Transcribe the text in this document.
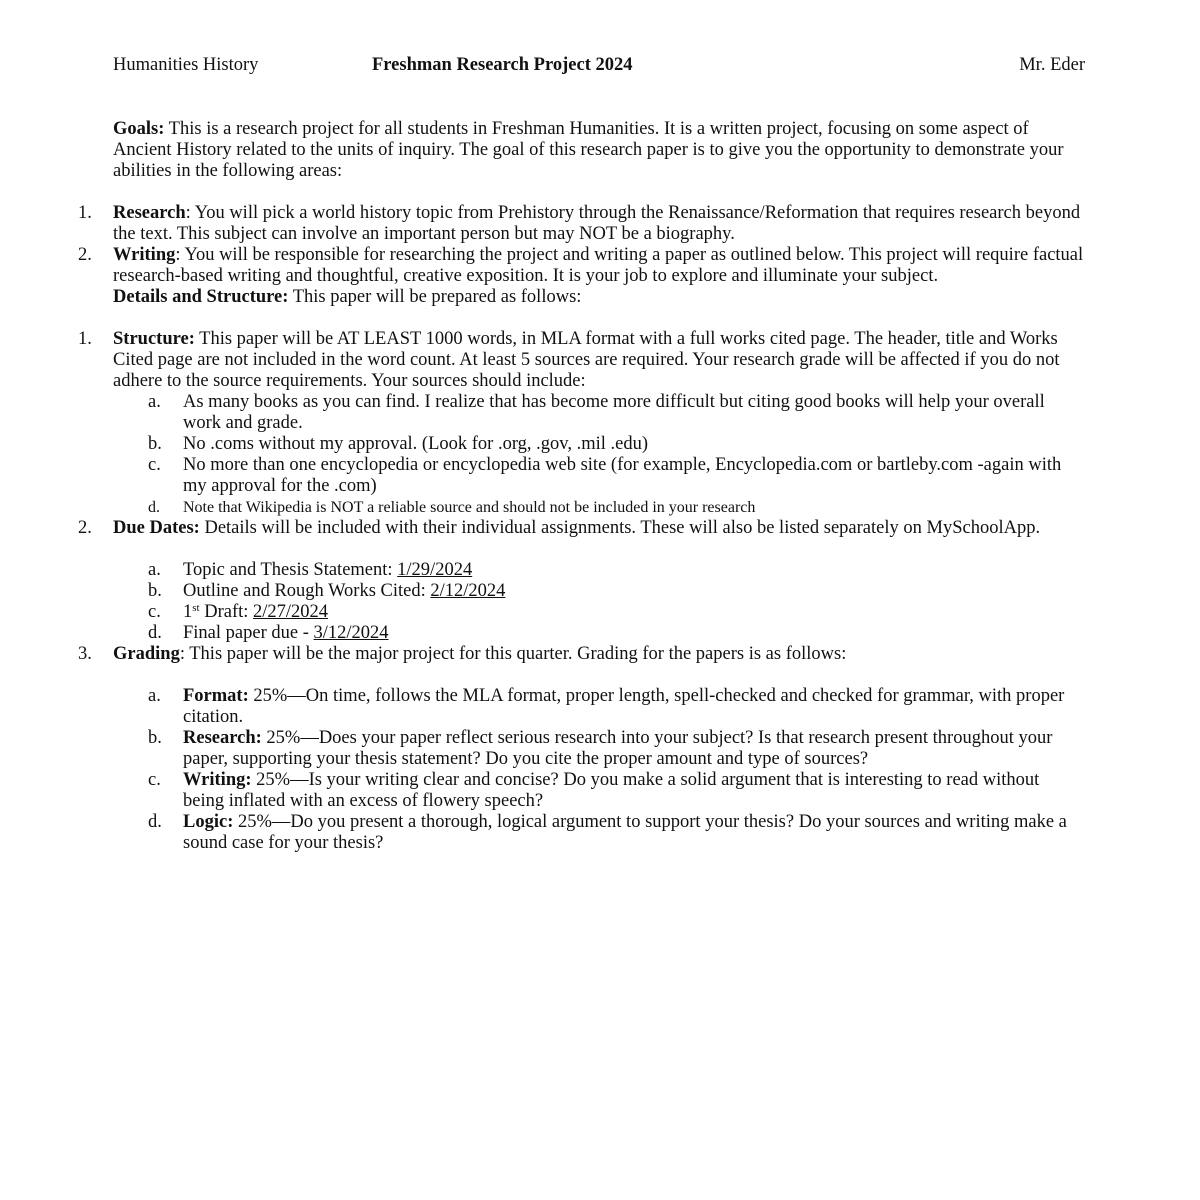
Humanities History	Freshman Research Project 2024	Mr. Eder

Goals: This is a research project for all students in Freshman Humanities. It is a written project, focusing on some aspect of Ancient History related to the units of inquiry. The goal of this research paper is to give you the opportunity to demonstrate your abilities in the following areas:

1. Research: You will pick a world history topic from Prehistory through the Renaissance/Reformation that requires research beyond the text. This subject can involve an important person but may NOT be a biography.
2. Writing: You will be responsible for researching the project and writing a paper as outlined below. This project will require factual research-based writing and thoughtful, creative exposition. It is your job to explore and illuminate your subject.

Details and Structure: This paper will be prepared as follows:

1. Structure: This paper will be AT LEAST 1000 words, in MLA format with a full works cited page. The header, title and Works Cited page are not included in the word count. At least 5 sources are required. Your research grade will be affected if you do not adhere to the source requirements. Your sources should include:
a. As many books as you can find. I realize that has become more difficult but citing good books will help your overall work and grade.
b. No .coms without my approval. (Look for .org, .gov, .mil .edu)
c. No more than one encyclopedia or encyclopedia web site (for example, Encyclopedia.com or bartleby.com -again with my approval for the .com)
d. Note that Wikipedia is NOT a reliable source and should not be included in your research
2. Due Dates: Details will be included with their individual assignments. These will also be listed separately on MySchoolApp.
a. Topic and Thesis Statement: 1/29/2024
b. Outline and Rough Works Cited: 2/12/2024
c. 1st Draft: 2/27/2024
d. Final paper due - 3/12/2024
3. Grading: This paper will be the major project for this quarter. Grading for the papers is as follows:
a. Format: 25%—On time, follows the MLA format, proper length, spell-checked and checked for grammar, with proper citation.
b. Research: 25%—Does your paper reflect serious research into your subject? Is that research present throughout your paper, supporting your thesis statement? Do you cite the proper amount and type of sources?
c. Writing: 25%—Is your writing clear and concise? Do you make a solid argument that is interesting to read without being inflated with an excess of flowery speech?
d. Logic: 25%—Do you present a thorough, logical argument to support your thesis? Do your sources and writing make a sound case for your thesis?
